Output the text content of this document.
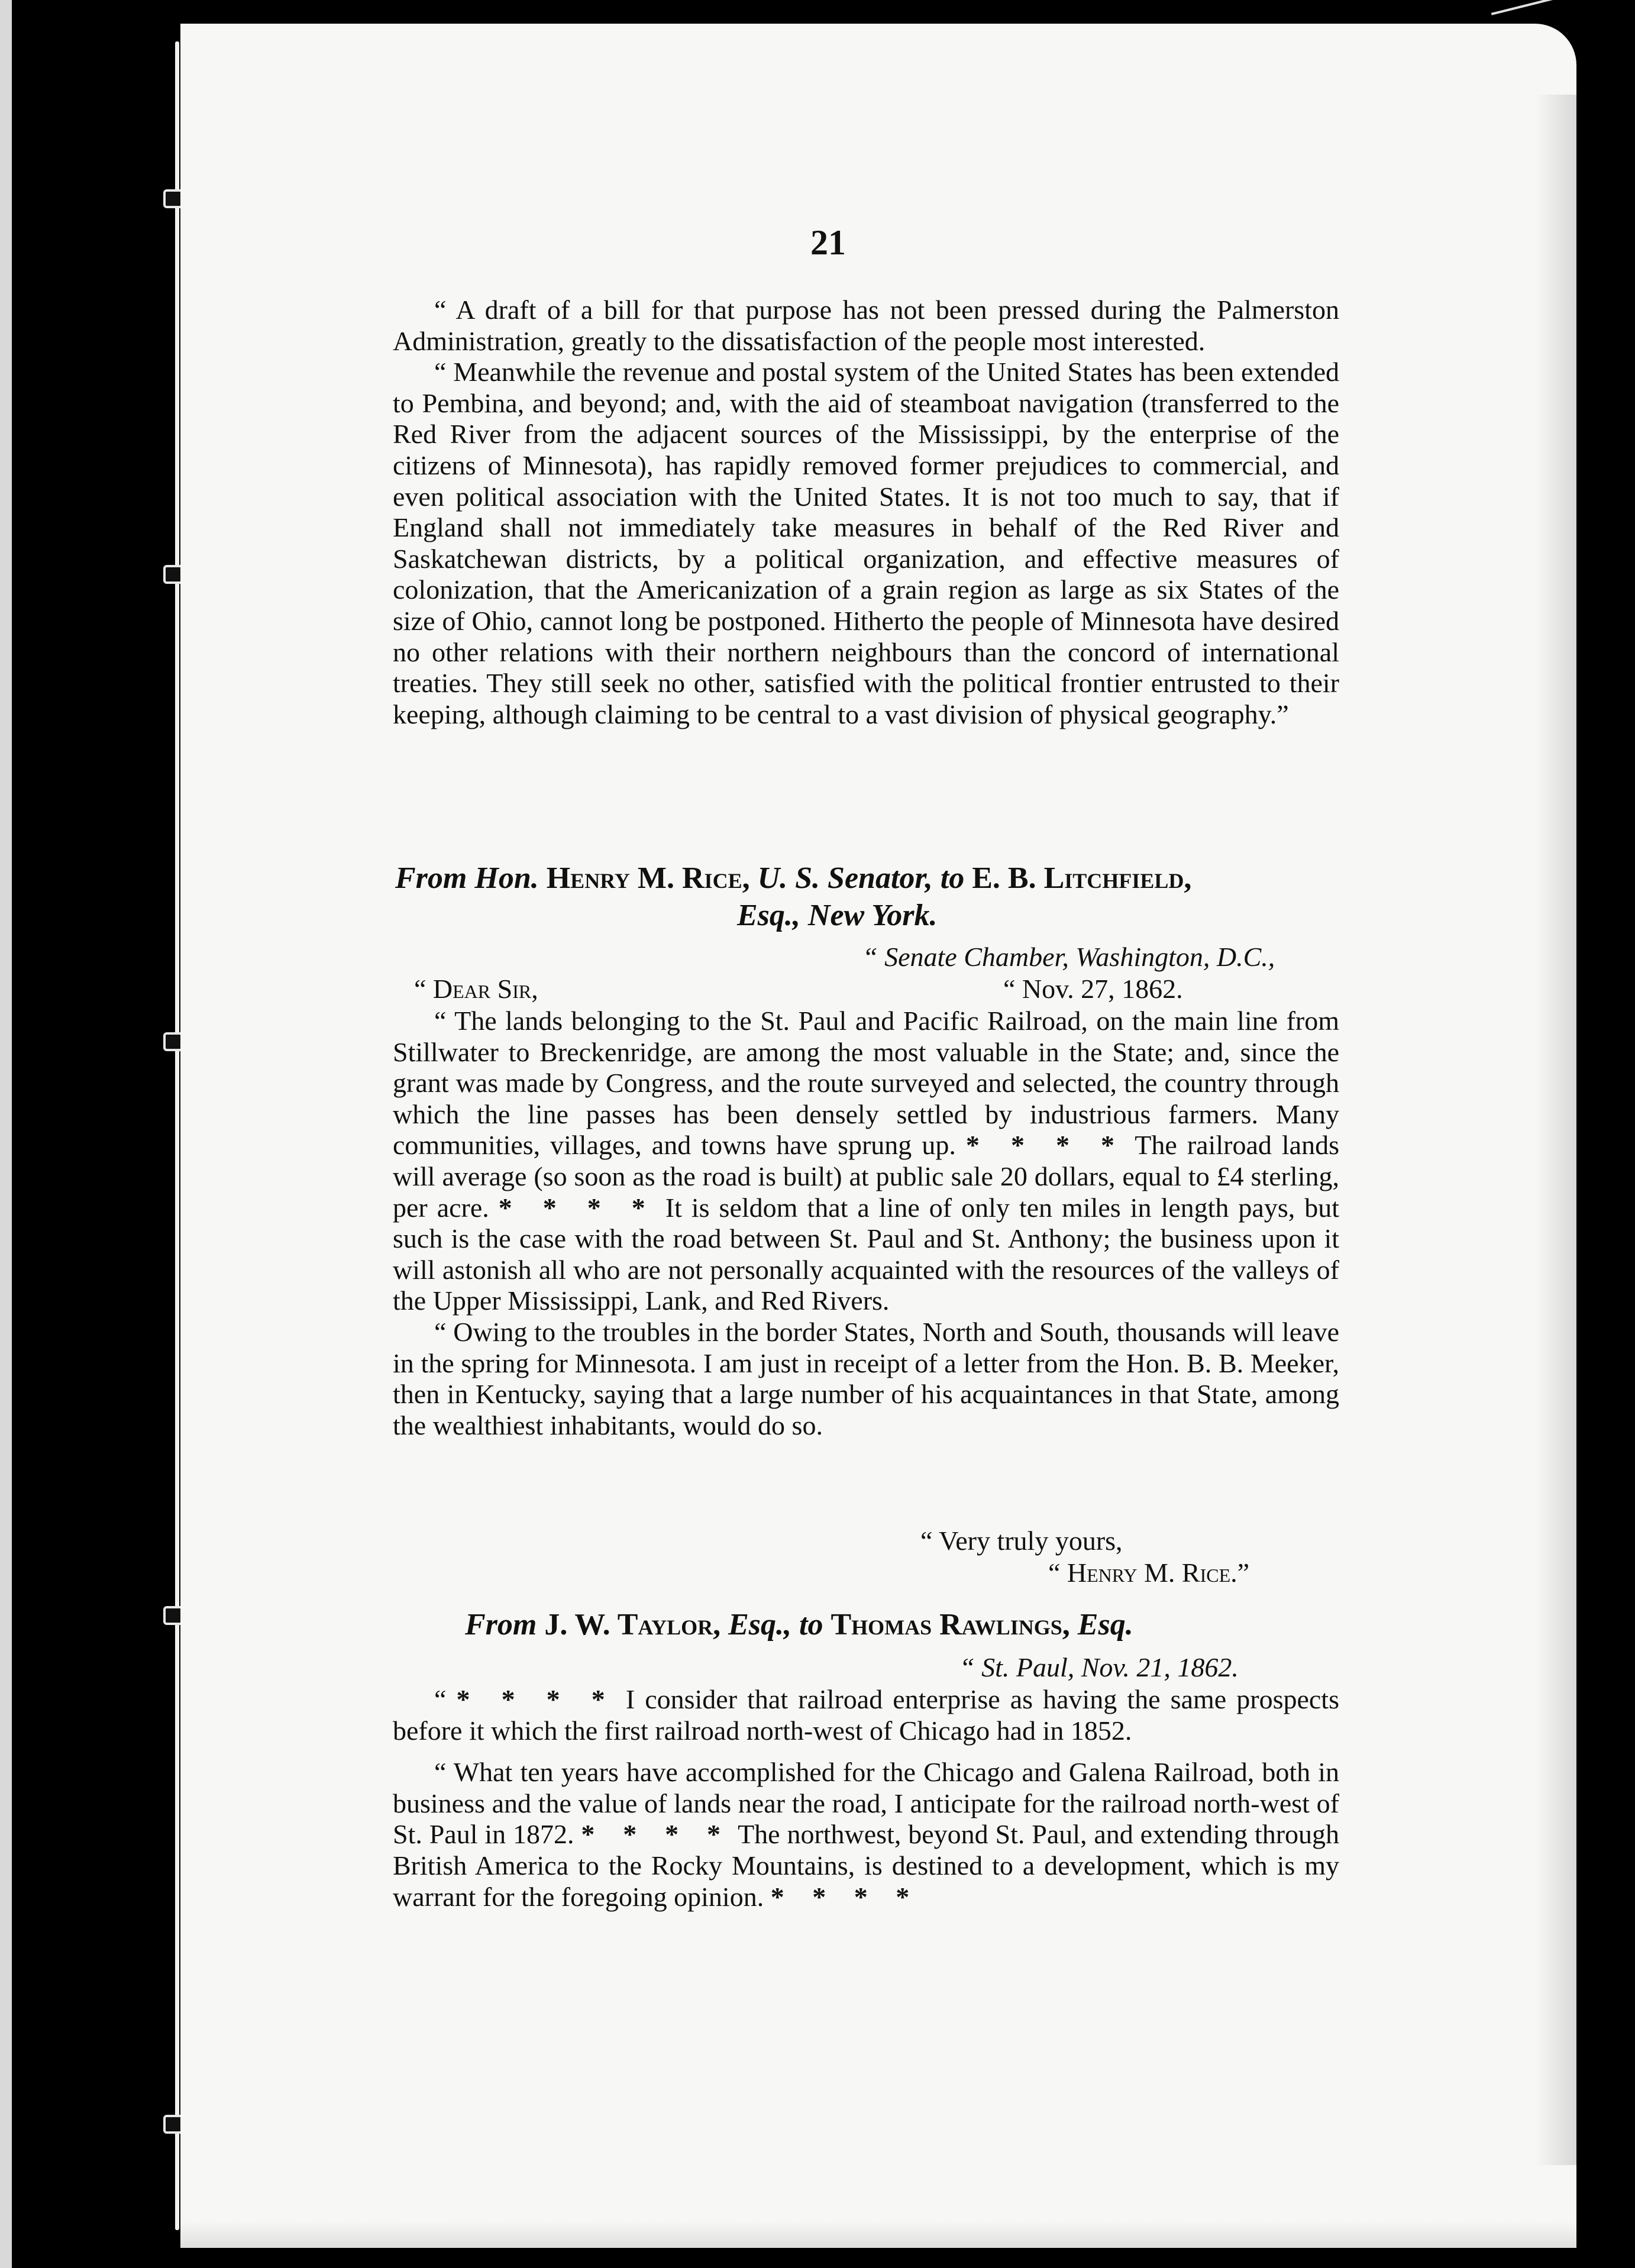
21

“ A draft of a bill for that purpose has not been pressed during the Palmerston Administration, greatly to the dissatisfaction of the people most interested.

“ Meanwhile the revenue and postal system of the United States has been extended to Pembina, and beyond; and, with the aid of steamboat navigation (transferred to the Red River from the adjacent sources of the Mississippi, by the enterprise of the citizens of Minnesota), has rapidly removed former prejudices to commercial, and even political association with the United States. It is not too much to say, that if England shall not immediately take measures in behalf of the Red River and Saskatchewan districts, by a political organization, and effective measures of colonization, that the Americanization of a grain region as large as six States of the size of Ohio, cannot long be postponed. Hitherto the people of Minnesota have desired no other relations with their northern neighbours than the concord of international treaties. They still seek no other, satisfied with the political frontier entrusted to their keeping, although claiming to be central to a vast division of physical geography.”

From Hon. Henry M. Rice, U. S. Senator, to E. B. Litchfield,
Esq., New York.
“ Senate Chamber, Washington, D.C.,
“ Dear Sir,	“ Nov. 27, 1862.

“ The lands belonging to the St. Paul and Pacific Railroad, on the main line from Stillwater to Breckenridge, are among the most valuable in the State; and, since the grant was made by Congress, and the route surveyed and selected, the country through which the line passes has been densely settled by industrious farmers. Many communities, villages, and towns have sprung up. * * * * The railroad lands will average (so soon as the road is built) at public sale 20 dollars, equal to £4 sterling, per acre. * * * * It is seldom that a line of only ten miles in length pays, but such is the case with the road between St. Paul and St. Anthony; the business upon it will astonish all who are not personally acquainted with the resources of the valleys of the Upper Mississippi, Lank, and Red Rivers.

“ Owing to the troubles in the border States, North and South, thousands will leave in the spring for Minnesota. I am just in receipt of a letter from the Hon. B. B. Meeker, then in Kentucky, saying that a large number of his acquaintances in that State, among the wealthiest inhabitants, would do so.

“ Very truly yours,
“ Henry M. Rice.”
From J. W. Taylor, Esq., to Thomas Rawlings, Esq.
“ St. Paul, Nov. 21, 1862.

“ * * * * I consider that railroad enterprise as having the same prospects before it which the first railroad north-west of Chicago had in 1852.

“ What ten years have accomplished for the Chicago and Galena Railroad, both in business and the value of lands near the road, I anticipate for the railroad north-west of St. Paul in 1872. * * * * The northwest, beyond St. Paul, and extending through British America to the Rocky Mountains, is destined to a development, which is my warrant for the foregoing opinion. * * * *
